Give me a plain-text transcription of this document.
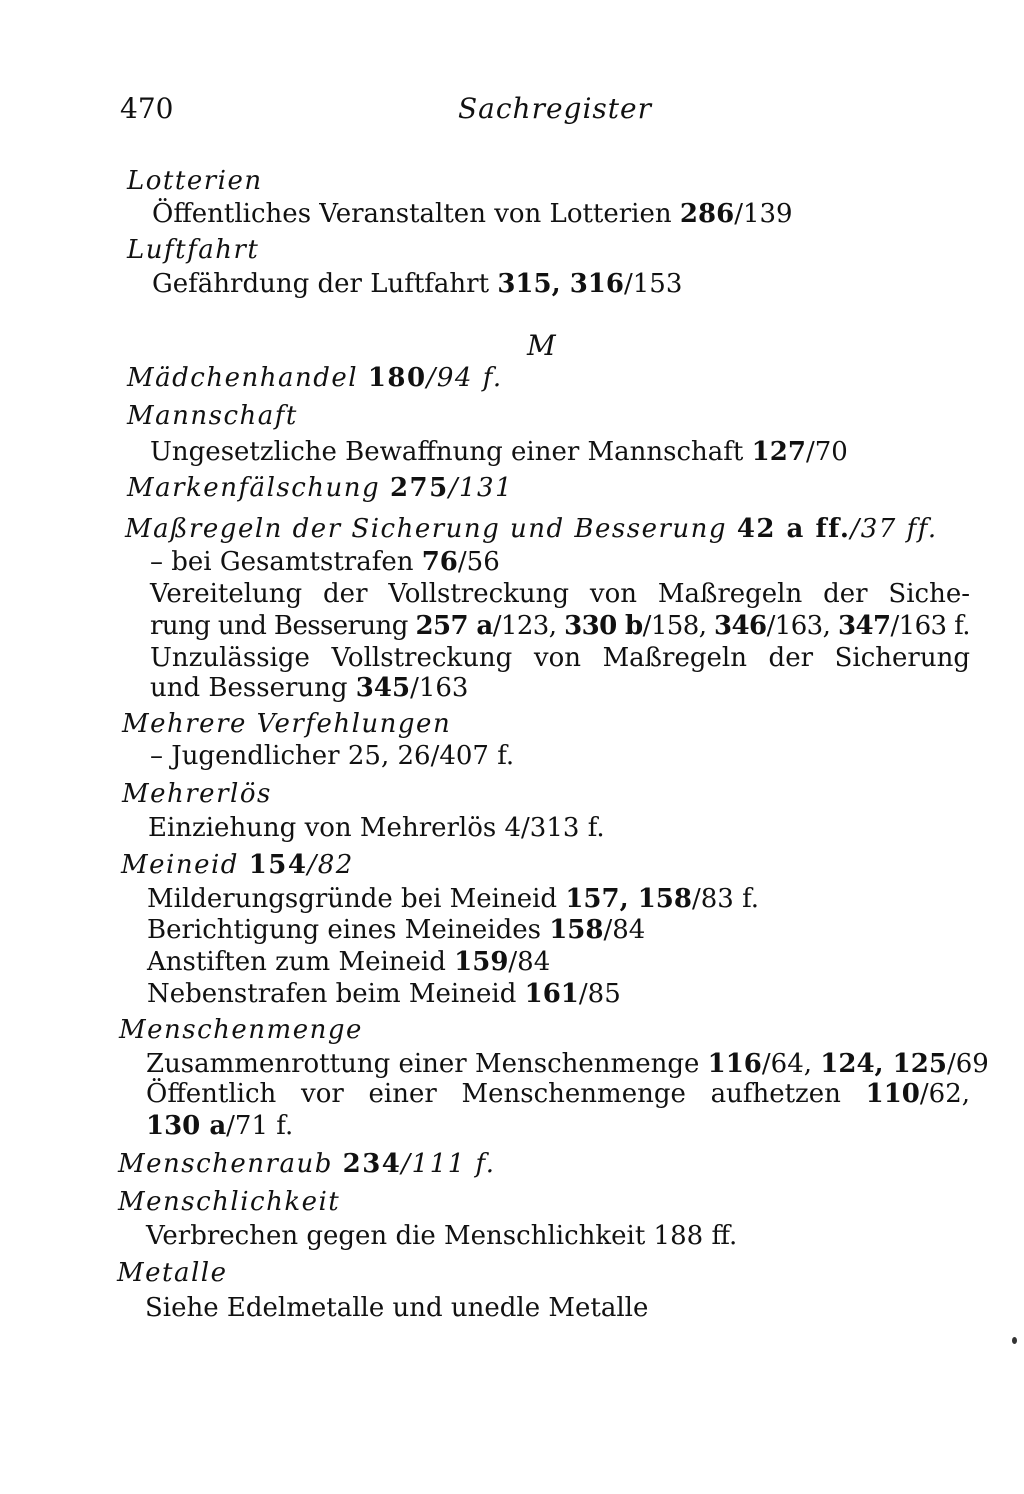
470	Sachregister
M
Lotterien
Öffentliches Veranstalten von Lotterien 286/139
Luftfahrt
Gefährdung der Luftfahrt 315, 316/153
Mädchenhandel 180/94 f.
Mannschaft
Ungesetzliche Bewaffnung einer Mannschaft 127/70
Markenfälschung 275/131
Maßregeln der Sicherung und Besserung 42 a ff./37 ff.
– bei Gesamtstrafen 76/56
Vereitelung der Vollstreckung von Maßregeln der Siche-
rung und Besserung 257 a/123, 330 b/158, 346/163, 347/163 f.
Unzulässige Vollstreckung von Maßregeln der Sicherung
und Besserung 345/163
Mehrere Verfehlungen
– Jugendlicher 25, 26/407 f.
Mehrerlös
Einziehung von Mehrerlös 4/313 f.
Meineid 154/82
Milderungsgründe bei Meineid 157, 158/83 f.
Berichtigung eines Meineides 158/84
Anstiften zum Meineid 159/84
Nebenstrafen beim Meineid 161/85
Menschenmenge
Zusammenrottung einer Menschenmenge 116/64, 124, 125/69
Öffentlich vor einer Menschenmenge aufhetzen 110/62,
130 a/71 f.
Menschenraub 234/111 f.
Menschlichkeit
Verbrechen gegen die Menschlichkeit 188 ff.
Metalle
Siehe Edelmetalle und unedle Metalle
